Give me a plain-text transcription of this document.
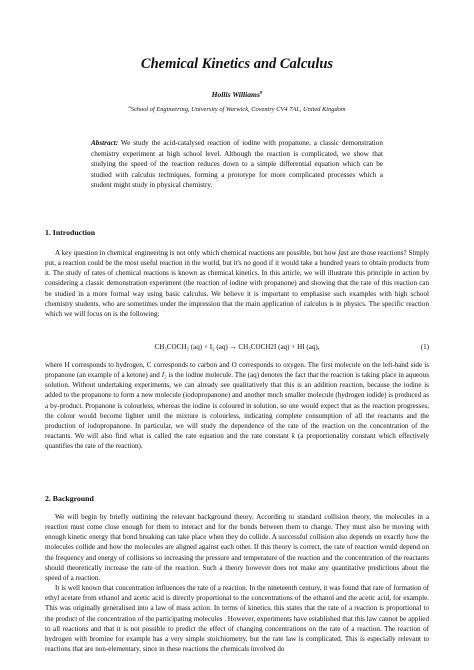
Chemical Kinetics and Calculus
Hollis Williams$^a$
$^a$School of Engineering, University of Warwick, Coventry CV4 7AL, United Kingdom
Abstract: We study the acid-catalysed reaction of iodine with propanone, a classic demonstration chemistry experiment at high school level. Although the reaction is complicated, we show that studying the speed of the reaction reduces down to a simple differential equation which can be studied with calculus techniques, forming a prototype for more complicated processes which a student might study in physical chemistry.
1. Introduction

A key question in chemical engineering is not only which chemical reactions are possible, but how fast are those reactions? Simply put, a reaction could be the most useful reaction in the world, but it's no good if it would take a hundred years to obtain products from it. The study of rates of chemical reactions is known as chemical kinetics. In this article, we will illustrate this principle in action by considering a classic demonstration experiment (the reaction of iodine with propanone) and showing that the rate of this reaction can be studied in a more formal way using basic calculus. We believe it is important to emphasise such examples with high school chemistry students, who are sometimes under the impression that the main application of calculus is in physics. The specific reaction which we will focus on is the following:

CH₃COCH₃ (aq) + I₂ (aq) → CH₃COCH2I (aq) + HI (aq),	(1)

where H corresponds to hydrogen, C corresponds to carbon and O corresponds to oxygen. The first molecule on the left-hand side is propanone (an example of a ketone) and I₂ is the iodine molecule. The (aq) denotes the fact that the reaction is taking place in aqueous solution. Without undertaking experiments, we can already see qualitatively that this is an addition reaction, because the iodine is added to the propanone to form a new molecule (iodopropanone) and another much smaller molecule (hydrogen iodide) is produced as a by-product. Propanone is colourless, whereas the iodine is coloured in solution, so one would expect that as the reaction progresses, the colour would become lighter until the mixture is colourless, indicating complete consumption of all the reactants and the production of iodopropanone. In particular, we will study the dependence of the rate of the reaction on the concentration of the reactants. We will also find what is called the rate equation and the rate constant k (a proportionality constant which effectively quantifies the rate of the reaction).

2. Background

We will begin by briefly outlining the relevant background theory. According to standard collision theory, the molecules in a reaction must come close enough for them to interact and for the bonds between them to change. They must also be moving with enough kinetic energy that bond breaking can take place when they do collide. A successful collision also depends on exactly how the molecules collide and how the molecules are aligned against each other. If this theory is correct, the rate of reaction would depend on the frequency and energy of collisions so increasing the pressure and temperature of the reaction and the concentration of the reactants should theoretically increase the rate of the reaction. Such a theory however does not make any quantitative predictions about the speed of a reaction.

It is well known that concentration influences the rate of a reaction. In the nineteenth century, it was found that rate of formation of ethyl acetate from ethanol and acetic acid is directly proportional to the concentrations of the ethanol and the acetic acid, for example. This was originally generalised into a law of mass action. In terms of kinetics, this states that the rate of a reaction is proportional to the product of the concentration of the participating molecules . However, experiments have established that this law cannot be applied to all reactions and that it is not possible to predict the effect of changing concentrations on the rate of a reaction. The reaction of hydrogen with bromine for example has a very simple stoichiometry, but the rate law is complicated. This is especially relevant to reactions that are non-elementary, since in these reactions the chemicals involved do
